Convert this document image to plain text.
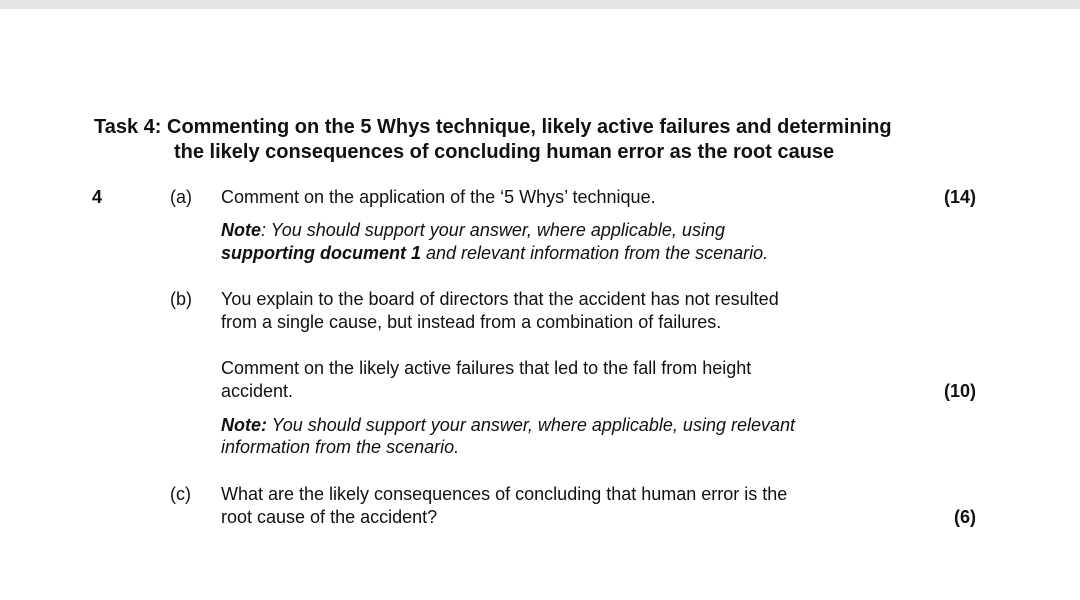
Task 4: Commenting on the 5 Whys technique, likely active failures and determining
the likely consequences of concluding human error as the root cause
4	(a) Comment on the application of the ‘5 Whys’ technique.	(14)
Note: You should support your answer, where applicable, using
supporting document 1 and relevant information from the scenario.
(b) You explain to the board of directors that the accident has not resulted
from a single cause, but instead from a combination of failures.
Comment on the likely active failures that led to the fall from height
accident.	(10)
Note: You should support your answer, where applicable, using relevant
information from the scenario.
(c) What are the likely consequences of concluding that human error is the
root cause of the accident?	(6)
